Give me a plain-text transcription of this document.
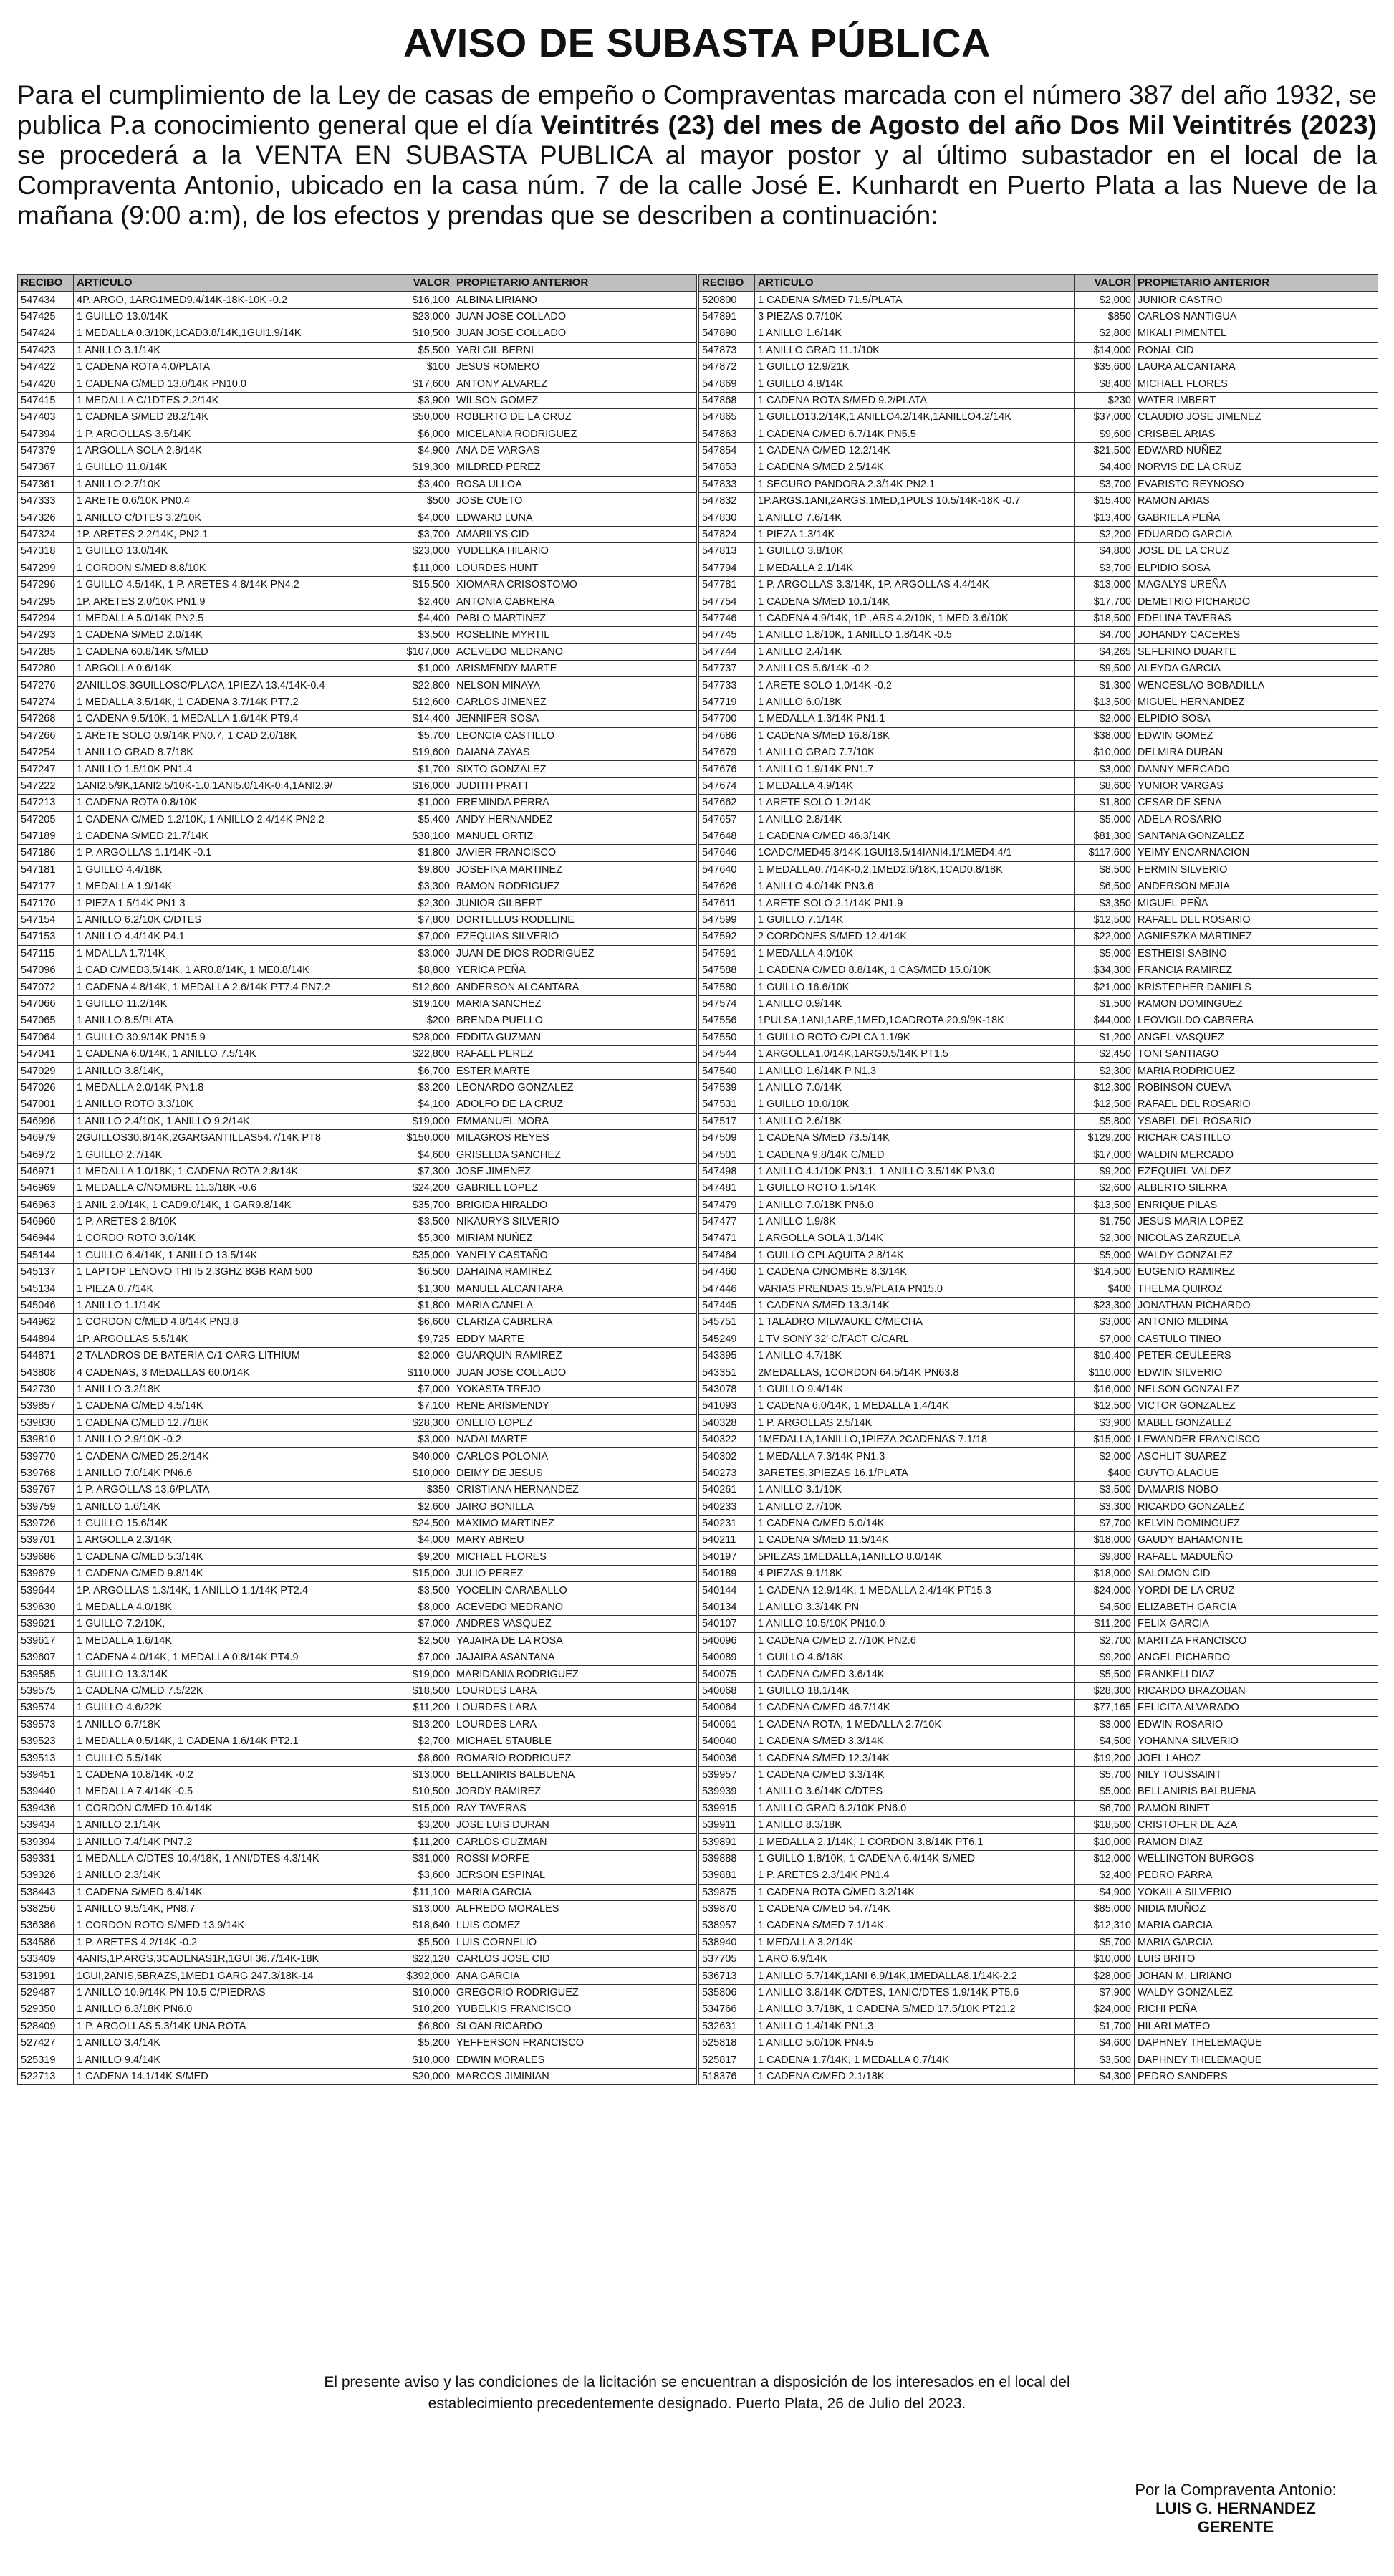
AVISO DE SUBASTA PÚBLICA
Para el cumplimiento de la Ley de casas de empeño o Compraventas marcada con el número 387 del año 1932, se publica P.a conocimiento general que el día Veintitrés (23) del mes de Agosto del año Dos Mil Veintitrés (2023) se procederá a la VENTA EN SUBASTA PUBLICA al mayor postor y al último subastador en el local de la Compraventa Antonio, ubicado en la casa núm. 7 de la calle José E. Kunhardt en Puerto Plata a las Nueve de la mañana (9:00 a:m), de los efectos y prendas que se describen a continuación:
RECIBO	ARTICULO	VALOR	PROPIETARIO ANTERIOR
547434	4P. ARGO, 1ARG1MED9.4/14K-18K-10K -0.2	$16,100	ALBINA LIRIANO
547425	1 GUILLO 13.0/14K	$23,000	JUAN JOSE COLLADO
547424	1 MEDALLA 0.3/10K,1CAD3.8/14K,1GUI1.9/14K	$10,500	JUAN JOSE COLLADO
547423	1 ANILLO 3.1/14K	$5,500	YARI GIL BERNI
547422	1 CADENA ROTA 4.0/PLATA	$100	JESUS ROMERO
547420	1 CADENA C/MED 13.0/14K PN10.0	$17,600	ANTONY ALVAREZ
547415	1 MEDALLA C/1DTES 2.2/14K	$3,900	WILSON GOMEZ
547403	1 CADNEA S/MED 28.2/14K	$50,000	ROBERTO DE LA CRUZ
547394	1 P. ARGOLLAS 3.5/14K	$6,000	MICELANIA RODRIGUEZ
547379	1 ARGOLLA SOLA 2.8/14K	$4,900	ANA DE VARGAS
547367	1 GUILLO 11.0/14K	$19,300	MILDRED PEREZ
547361	1 ANILLO 2.7/10K	$3,400	ROSA ULLOA
547333	1 ARETE 0.6/10K PN0.4	$500	JOSE CUETO
547326	1 ANILLO C/DTES 3.2/10K	$4,000	EDWARD LUNA
547324	1P. ARETES 2.2/14K, PN2.1	$3,700	AMARILYS CID
547318	1 GUILLO 13.0/14K	$23,000	YUDELKA HILARIO
547299	1 CORDON S/MED 8.8/10K	$11,000	LOURDES HUNT
547296	1 GUILLO 4.5/14K, 1 P. ARETES 4.8/14K PN4.2	$15,500	XIOMARA CRISOSTOMO
547295	1P. ARETES 2.0/10K PN1.9	$2,400	ANTONIA CABRERA
547294	1 MEDALLA 5.0/14K PN2.5	$4,400	PABLO MARTINEZ
547293	1 CADENA S/MED 2.0/14K	$3,500	ROSELINE MYRTIL
547285	1 CADENA 60.8/14K S/MED	$107,000	ACEVEDO MEDRANO
547280	1 ARGOLLA 0.6/14K	$1,000	ARISMENDY MARTE
547276	2ANILLOS,3GUILLOSC/PLACA,1PIEZA 13.4/14K-0.4	$22,800	NELSON MINAYA
547274	1 MEDALLA 3.5/14K, 1 CADENA 3.7/14K PT7.2	$12,600	CARLOS JIMENEZ
547268	1 CADENA 9.5/10K, 1 MEDALLA 1.6/14K PT9.4	$14,400	JENNIFER SOSA
547266	1 ARETE SOLO 0.9/14K PN0.7, 1 CAD 2.0/18K	$5,700	LEONCIA CASTILLO
547254	1 ANILLO GRAD 8.7/18K	$19,600	DAIANA ZAYAS
547247	1 ANILLO 1.5/10K PN1.4	$1,700	SIXTO GONZALEZ
547222	1ANI2.5/9K,1ANI2.5/10K-1.0,1ANI5.0/14K-0.4,1ANI2.9/	$16,000	JUDITH PRATT
547213	1 CADENA ROTA 0.8/10K	$1,000	EREMINDA PERRA
547205	1 CADENA C/MED 1.2/10K, 1 ANILLO 2.4/14K PN2.2	$5,400	ANDY HERNANDEZ
547189	1 CADENA S/MED 21.7/14K	$38,100	MANUEL ORTIZ
547186	1 P. ARGOLLAS 1.1/14K -0.1	$1,800	JAVIER FRANCISCO
547181	1 GUILLO 4.4/18K	$9,800	JOSEFINA MARTINEZ
547177	1 MEDALLA 1.9/14K	$3,300	RAMON RODRIGUEZ
547170	1 PIEZA 1.5/14K PN1.3	$2,300	JUNIOR GILBERT
547154	1 ANILLO 6.2/10K C/DTES	$7,800	DORTELLUS RODELINE
547153	1 ANILLO 4.4/14K P4.1	$7,000	EZEQUIAS SILVERIO
547115	1 MDALLA 1.7/14K	$3,000	JUAN DE DIOS RODRIGUEZ
547096	1 CAD C/MED3.5/14K, 1 AR0.8/14K, 1 ME0.8/14K	$8,800	YERICA PEÑA
547072	1 CADENA 4.8/14K, 1 MEDALLA 2.6/14K PT7.4 PN7.2	$12,600	ANDERSON ALCANTARA
547066	1 GUILLO 11.2/14K	$19,100	MARIA SANCHEZ
547065	1 ANILLO 8.5/PLATA	$200	BRENDA PUELLO
547064	1 GUILLO 30.9/14K PN15.9	$28,000	EDDITA GUZMAN
547041	1 CADENA 6.0/14K, 1 ANILLO 7.5/14K	$22,800	RAFAEL PEREZ
547029	1 ANILLO 3.8/14K,	$6,700	ESTER MARTE
547026	1 MEDALLA 2.0/14K PN1.8	$3,200	LEONARDO GONZALEZ
547001	1 ANILLO ROTO 3.3/10K	$4,100	ADOLFO DE LA CRUZ
546996	1 ANILLO 2.4/10K, 1 ANILLO 9.2/14K	$19,000	EMMANUEL MORA
546979	2GUILLOS30.8/14K,2GARGANTILLAS54.7/14K PT8	$150,000	MILAGROS REYES
546972	1 GUILLO 2.7/14K	$4,600	GRISELDA SANCHEZ
546971	1 MEDALLA 1.0/18K, 1 CADENA ROTA 2.8/14K	$7,300	JOSE JIMENEZ
546969	1 MEDALLA C/NOMBRE 11.3/18K -0.6	$24,200	GABRIEL LOPEZ
546963	1 ANIL 2.0/14K, 1 CAD9.0/14K, 1 GAR9.8/14K	$35,700	BRIGIDA HIRALDO
546960	1 P. ARETES 2.8/10K	$3,500	NIKAURYS SILVERIO
546944	1 CORDO ROTO 3.0/14K	$5,300	MIRIAM NUÑEZ
545144	1 GUILLO 6.4/14K, 1 ANILLO 13.5/14K	$35,000	YANELY CASTAÑO
545137	1 LAPTOP LENOVO THI I5 2.3GHZ 8GB RAM 500	$6,500	DAHAINA RAMIREZ
545134	1 PIEZA 0.7/14K	$1,300	MANUEL ALCANTARA
545046	1 ANILLO 1.1/14K	$1,800	MARIA CANELA
544962	1 CORDON C/MED 4.8/14K PN3.8	$6,600	CLARIZA CABRERA
544894	1P. ARGOLLAS 5.5/14K	$9,725	EDDY MARTE
544871	2 TALADROS DE BATERIA C/1 CARG LITHIUM	$2,000	GUARQUIN RAMIREZ
543808	4 CADENAS, 3 MEDALLAS 60.0/14K	$110,000	JUAN JOSE COLLADO
542730	1 ANILLO 3.2/18K	$7,000	YOKASTA TREJO
539857	1 CADENA C/MED 4.5/14K	$7,100	RENE ARISMENDY
539830	1 CADENA C/MED 12.7/18K	$28,300	ONELIO LOPEZ
539810	1 ANILLO 2.9/10K -0.2	$3,000	NADAI MARTE
539770	1 CADENA C/MED 25.2/14K	$40,000	CARLOS POLONIA
539768	1 ANILLO 7.0/14K PN6.6	$10,000	DEIMY DE JESUS
539767	1 P. ARGOLLAS 13.6/PLATA	$350	CRISTIANA HERNANDEZ
539759	1 ANILLO 1.6/14K	$2,600	JAIRO BONILLA
539726	1 GUILLO 15.6/14K	$24,500	MAXIMO MARTINEZ
539701	1 ARGOLLA 2.3/14K	$4,000	MARY ABREU
539686	1 CADENA C/MED 5.3/14K	$9,200	MICHAEL FLORES
539679	1 CADENA C/MED 9.8/14K	$15,000	JULIO PEREZ
539644	1P. ARGOLLAS 1.3/14K, 1 ANILLO 1.1/14K PT2.4	$3,500	YOCELIN CARABALLO
539630	1 MEDALLA 4.0/18K	$8,000	ACEVEDO MEDRANO
539621	1 GUILLO 7.2/10K,	$7,000	ANDRES VASQUEZ
539617	1 MEDALLA 1.6/14K	$2,500	YAJAIRA DE LA ROSA
539607	1 CADENA 4.0/14K, 1 MEDALLA 0.8/14K PT4.9	$7,000	JAJAIRA ASANTANA
539585	1 GUILLO 13.3/14K	$19,000	MARIDANIA RODRIGUEZ
539575	1 CADENA C/MED 7.5/22K	$18,500	LOURDES LARA
539574	1 GUILLO 4.6/22K	$11,200	LOURDES LARA
539573	1 ANILLO 6.7/18K	$13,200	LOURDES LARA
539523	1 MEDALLA 0.5/14K, 1 CADENA 1.6/14K PT2.1	$2,700	MICHAEL STAUBLE
539513	1 GUILLO 5.5/14K	$8,600	ROMARIO RODRIGUEZ
539451	1 CADENA 10.8/14K -0.2	$13,000	BELLANIRIS BALBUENA
539440	1 MEDALLA 7.4/14K -0.5	$10,500	JORDY RAMIREZ
539436	1 CORDON C/MED 10.4/14K	$15,000	RAY TAVERAS
539434	1 ANILLO 2.1/14K	$3,200	JOSE LUIS DURAN
539394	1 ANILLO 7.4/14K PN7.2	$11,200	CARLOS GUZMAN
539331	1 MEDALLA C/DTES 10.4/18K, 1 ANI/DTES 4.3/14K	$31,000	ROSSI MORFE
539326	1 ANILLO 2.3/14K	$3,600	JERSON ESPINAL
538443	1 CADENA S/MED 6.4/14K	$11,100	MARIA GARCIA
538256	1 ANILLO 9.5/14K, PN8.7	$13,000	ALFREDO MORALES
536386	1 CORDON ROTO S/MED 13.9/14K	$18,640	LUIS GOMEZ
534586	1 P. ARETES 4.2/14K -0.2	$5,500	LUIS CORNELIO
533409	4ANIS,1P.ARGS,3CADENAS1R,1GUI 36.7/14K-18K	$22,120	CARLOS JOSE CID
531991	1GUI,2ANIS,5BRAZS,1MED1 GARG 247.3/18K-14	$392,000	ANA GARCIA
529487	1 ANILLO 10.9/14K PN 10.5 C/PIEDRAS	$10,000	GREGORIO RODRIGUEZ
529350	1 ANILLO 6.3/18K PN6.0	$10,200	YUBELKIS FRANCISCO
528409	1 P. ARGOLLAS 5.3/14K UNA ROTA	$6,800	SLOAN RICARDO
527427	1 ANILLO 3.4/14K	$5,200	YEFFERSON FRANCISCO
525319	1 ANILLO 9.4/14K	$10,000	EDWIN MORALES
522713	1 CADENA 14.1/14K S/MED	$20,000	MARCOS JIMINIAN
RECIBO	ARTICULO	VALOR	PROPIETARIO ANTERIOR
520800	1 CADENA S/MED 71.5/PLATA	$2,000	JUNIOR CASTRO
547891	3 PIEZAS 0.7/10K	$850	CARLOS NANTIGUA
547890	1 ANILLO 1.6/14K	$2,800	MIKALI PIMENTEL
547873	1 ANILLO GRAD 11.1/10K	$14,000	RONAL CID
547872	1 GUILLO 12.9/21K	$35,600	LAURA ALCANTARA
547869	1 GUILLO 4.8/14K	$8,400	MICHAEL FLORES
547868	1 CADENA ROTA S/MED 9.2/PLATA	$230	WATER IMBERT
547865	1 GUILLO13.2/14K,1 ANILLO4.2/14K,1ANILLO4.2/14K	$37,000	CLAUDIO JOSE JIMENEZ
547863	1 CADENA C/MED 6.7/14K PN5.5	$9,600	CRISBEL ARIAS
547854	1 CADENA C/MED 12.2/14K	$21,500	EDWARD NUÑEZ
547853	1 CADENA S/MED 2.5/14K	$4,400	NORVIS DE LA CRUZ
547833	1 SEGURO PANDORA 2.3/14K PN2.1	$3,700	EVARISTO REYNOSO
547832	1P.ARGS.1ANI,2ARGS,1MED,1PULS 10.5/14K-18K -0.7	$15,400	RAMON ARIAS
547830	1 ANILLO 7.6/14K	$13,400	GABRIELA PEÑA
547824	1 PIEZA 1.3/14K	$2,200	EDUARDO GARCIA
547813	1 GUILLO 3.8/10K	$4,800	JOSE DE LA CRUZ
547794	1 MEDALLA 2.1/14K	$3,700	ELPIDIO SOSA
547781	1 P. ARGOLLAS 3.3/14K, 1P. ARGOLLAS 4.4/14K	$13,000	MAGALYS UREÑA
547754	1 CADENA S/MED 10.1/14K	$17,700	DEMETRIO PICHARDO
547746	1 CADENA 4.9/14K, 1P .ARS 4.2/10K, 1 MED 3.6/10K	$18,500	EDELINA TAVERAS
547745	1 ANILLO 1.8/10K, 1 ANILLO 1.8/14K -0.5	$4,700	JOHANDY CACERES
547744	1 ANILLO 2.4/14K	$4,265	SEFERINO DUARTE
547737	2 ANILLOS 5.6/14K -0.2	$9,500	ALEYDA GARCIA
547733	1 ARETE SOLO 1.0/14K -0.2	$1,300	WENCESLAO BOBADILLA
547719	1 ANILLO 6.0/18K	$13,500	MIGUEL HERNANDEZ
547700	1 MEDALLA 1.3/14K PN1.1	$2,000	ELPIDIO SOSA
547686	1 CADENA S/MED 16.8/18K	$38,000	EDWIN GOMEZ
547679	1 ANILLO GRAD 7.7/10K	$10,000	DELMIRA DURAN
547676	1 ANILLO 1.9/14K PN1.7	$3,000	DANNY MERCADO
547674	1 MEDALLA 4.9/14K	$8,600	YUNIOR VARGAS
547662	1 ARETE SOLO 1.2/14K	$1,800	CESAR DE SENA
547657	1 ANILLO 2.8/14K	$5,000	ADELA ROSARIO
547648	1 CADENA C/MED 46.3/14K	$81,300	SANTANA GONZALEZ
547646	1CADC/MED45.3/14K,1GUI13.5/14IANI4.1/1MED4.4/1	$117,600	YEIMY ENCARNACION
547640	1 MEDALLA0.7/14K-0.2,1MED2.6/18K,1CAD0.8/18K	$8,500	FERMIN SILVERIO
547626	1 ANILLO 4.0/14K PN3.6	$6,500	ANDERSON MEJIA
547611	1 ARETE SOLO 2.1/14K PN1.9	$3,350	MIGUEL PEÑA
547599	1 GUILLO 7.1/14K	$12,500	RAFAEL DEL ROSARIO
547592	2 CORDONES S/MED 12.4/14K	$22,000	AGNIESZKA MARTINEZ
547591	1 MEDALLA 4.0/10K	$5,000	ESTHEISI SABINO
547588	1 CADENA C/MED 8.8/14K, 1 CAS/MED 15.0/10K	$34,300	FRANCIA RAMIREZ
547580	1 GUILLO 16.6/10K	$21,000	KRISTEPHER DANIELS
547574	1 ANILLO 0.9/14K	$1,500	RAMON DOMINGUEZ
547556	1PULSA,1ANI,1ARE,1MED,1CADROTA 20.9/9K-18K	$44,000	LEOVIGILDO CABRERA
547550	1 GUILLO ROTO C/PLCA 1.1/9K	$1,200	ANGEL VASQUEZ
547544	1 ARGOLLA1.0/14K,1ARG0.5/14K PT1.5	$2,450	TONI SANTIAGO
547540	1 ANILLO 1.6/14K P N1.3	$2,300	MARIA RODRIGUEZ
547539	1 ANILLO 7.0/14K	$12,300	ROBINSON CUEVA
547531	1 GUILLO 10.0/10K	$12,500	RAFAEL DEL ROSARIO
547517	1 ANILLO 2.6/18K	$5,800	YSABEL DEL ROSARIO
547509	1 CADENA S/MED 73.5/14K	$129,200	RICHAR CASTILLO
547501	1 CADENA 9.8/14K C/MED	$17,000	WALDIN MERCADO
547498	1 ANILLO 4.1/10K PN3.1, 1 ANILLO 3.5/14K PN3.0	$9,200	EZEQUIEL VALDEZ
547481	1 GUILLO ROTO 1.5/14K	$2,600	ALBERTO SIERRA
547479	1 ANILLO 7.0/18K PN6.0	$13,500	ENRIQUE PILAS
547477	1 ANILLO 1.9/8K	$1,750	JESUS MARIA LOPEZ
547471	1 ARGOLLA SOLA 1.3/14K	$2,300	NICOLAS ZARZUELA
547464	1 GUILLO CPLAQUITA 2.8/14K	$5,000	WALDY GONZALEZ
547460	1 CADENA C/NOMBRE 8.3/14K	$14,500	EUGENIO RAMIREZ
547446	VARIAS PRENDAS 15.9/PLATA PN15.0	$400	THELMA QUIROZ
547445	1 CADENA S/MED 13.3/14K	$23,300	JONATHAN PICHARDO
545751	1 TALADRO MILWAUKE C/MECHA	$3,000	ANTONIO MEDINA
545249	1 TV SONY 32' C/FACT C/CARL	$7,000	CASTULO TINEO
543395	1 ANILLO 4.7/18K	$10,400	PETER CEULEERS
543351	2MEDALLAS, 1CORDON 64.5/14K PN63.8	$110,000	EDWIN SILVERIO
543078	1 GUILLO 9.4/14K	$16,000	NELSON GONZALEZ
541093	1 CADENA 6.0/14K, 1 MEDALLA 1.4/14K	$12,500	VICTOR GONZALEZ
540328	1 P. ARGOLLAS 2.5/14K	$3,900	MABEL GONZALEZ
540322	1MEDALLA,1ANILLO,1PIEZA,2CADENAS 7.1/18	$15,000	LEWANDER FRANCISCO
540302	1 MEDALLA 7.3/14K PN1.3	$2,000	ASCHLIT SUAREZ
540273	3ARETES,3PIEZAS 16.1/PLATA	$400	GUYTO ALAGUE
540261	1 ANILLO 3.1/10K	$3,500	DAMARIS NOBO
540233	1 ANILLO 2.7/10K	$3,300	RICARDO GONZALEZ
540231	1 CADENA C/MED 5.0/14K	$7,700	KELVIN DOMINGUEZ
540211	1 CADENA S/MED 11.5/14K	$18,000	GAUDY BAHAMONTE
540197	5PIEZAS,1MEDALLA,1ANILLO 8.0/14K	$9,800	RAFAEL MADUEÑO
540189	4 PIEZAS 9.1/18K	$18,000	SALOMON CID
540144	1 CADENA 12.9/14K, 1 MEDALLA 2.4/14K PT15.3	$24,000	YORDI DE LA CRUZ
540134	1 ANILLO 3.3/14K PN	$4,500	ELIZABETH GARCIA
540107	1 ANILLO 10.5/10K PN10.0	$11,200	FELIX GARCIA
540096	1 CADENA C/MED 2.7/10K PN2.6	$2,700	MARITZA FRANCISCO
540089	1 GUILLO 4.6/18K	$9,200	ANGEL PICHARDO
540075	1 CADENA C/MED 3.6/14K	$5,500	FRANKELI DIAZ
540068	1 GUILLO 18.1/14K	$28,300	RICARDO BRAZOBAN
540064	1 CADENA C/MED 46.7/14K	$77,165	FELICITA ALVARADO
540061	1 CADENA ROTA, 1 MEDALLA 2.7/10K	$3,000	EDWIN ROSARIO
540040	1 CADENA S/MED 3.3/14K	$4,500	YOHANNA SILVERIO
540036	1 CADENA S/MED 12.3/14K	$19,200	JOEL LAHOZ
539957	1 CADENA C/MED 3.3/14K	$5,700	NILY TOUSSAINT
539939	1 ANILLO 3.6/14K C/DTES	$5,000	BELLANIRIS BALBUENA
539915	1 ANILLO GRAD 6.2/10K PN6.0	$6,700	RAMON BINET
539911	1 ANILLO 8.3/18K	$18,500	CRISTOFER DE AZA
539891	1 MEDALLA 2.1/14K, 1 CORDON 3.8/14K PT6.1	$10,000	RAMON DIAZ
539888	1 GUILLO 1.8/10K, 1 CADENA 6.4/14K S/MED	$12,000	WELLINGTON BURGOS
539881	1 P. ARETES 2.3/14K PN1.4	$2,400	PEDRO PARRA
539875	1 CADENA ROTA C/MED 3.2/14K	$4,900	YOKAILA SILVERIO
539870	1 CADENA C/MED 54.7/14K	$85,000	NIDIA MUÑOZ
538957	1 CADENA S/MED 7.1/14K	$12,310	MARIA GARCIA
538940	1 MEDALLA 3.2/14K	$5,700	MARIA GARCIA
537705	1 ARO 6.9/14K	$10,000	LUIS BRITO
536713	1 ANILLO 5.7/14K,1ANI 6.9/14K,1MEDALLA8.1/14K-2.2	$28,000	JOHAN M. LIRIANO
535806	1 ANILLO 3.8/14K C/DTES, 1ANIC/DTES 1.9/14K PT5.6	$7,900	WALDY GONZALEZ
534766	1 ANILLO 3.7/18K, 1 CADENA S/MED 17.5/10K PT21.2	$24,000	RICHI PEÑA
532631	1 ANILLO 1.4/14K PN1.3	$1,700	HILARI MATEO
525818	1 ANILLO 5.0/10K PN4.5	$4,600	DAPHNEY THELEMAQUE
525817	1 CADENA 1.7/14K, 1 MEDALLA 0.7/14K	$3,500	DAPHNEY THELEMAQUE
518376	1 CADENA C/MED 2.1/18K	$4,300	PEDRO SANDERS
El presente aviso y las condiciones de la licitación se encuentran a disposición de los interesados en el local del
establecimiento precedentemente designado. Puerto Plata, 26 de Julio del 2023.
Por la Compraventa Antonio:
LUIS G. HERNANDEZ
GERENTE
